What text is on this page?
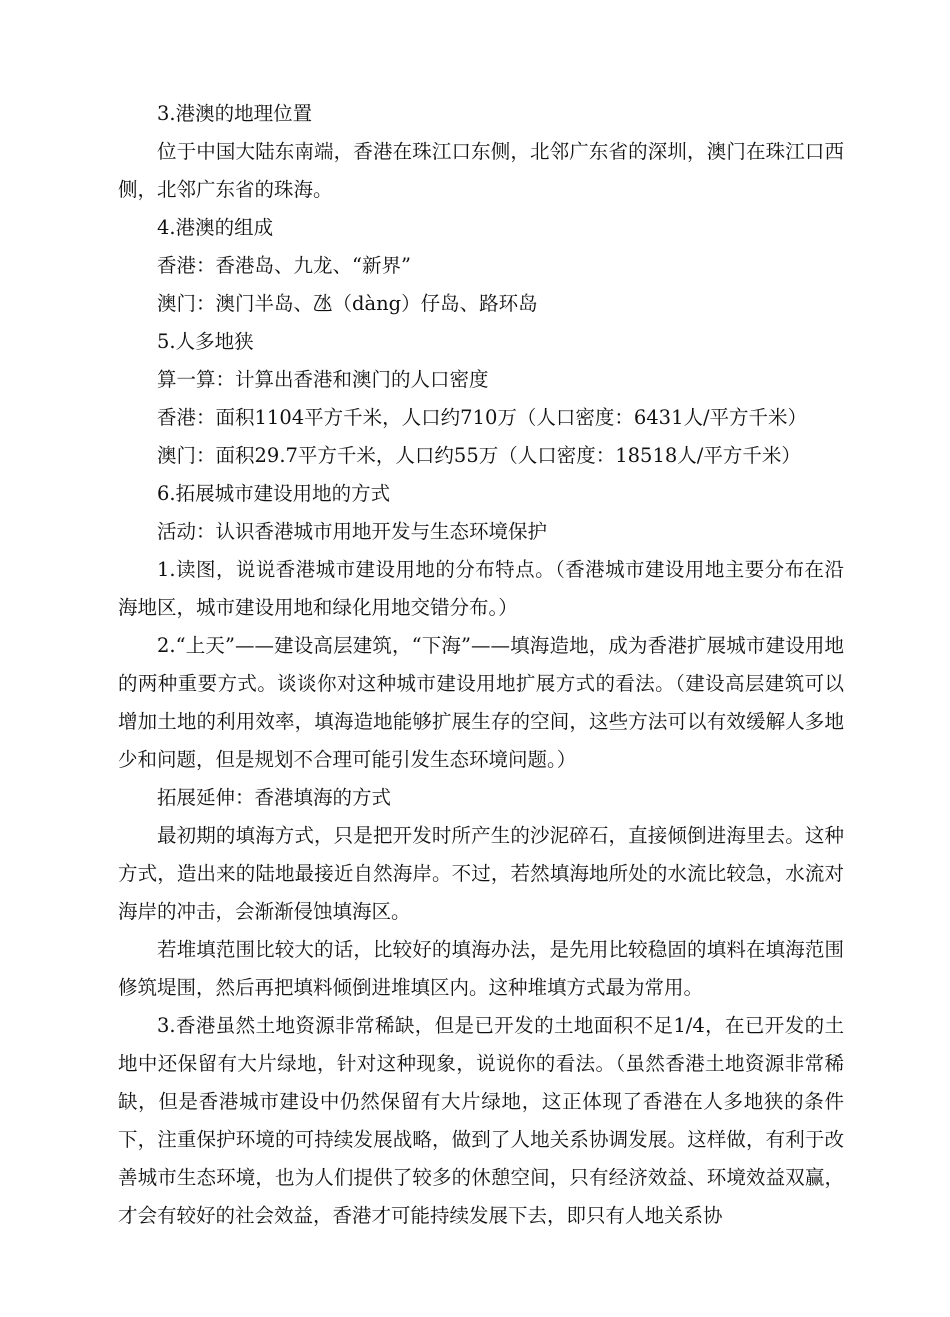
3.港澳的地理位置

位于中国大陆东南端，香港在珠江口东侧，北邻广东省的深圳，澳门在珠江口西侧，北邻广东省的珠海。

4.港澳的组成

香港：香港岛、九龙、“新界”

澳门：澳门半岛、氹（dàng）仔岛、路环岛

5.人多地狭

算一算：计算出香港和澳门的人口密度

香港：面积1104平方千米，人口约710万（人口密度：6431人/平方千米）

澳门：面积29.7平方千米，人口约55万（人口密度：18518人/平方千米）

6.拓展城市建设用地的方式

活动：认识香港城市用地开发与生态环境保护

1.读图，说说香港城市建设用地的分布特点。（香港城市建设用地主要分布在沿海地区，城市建设用地和绿化用地交错分布。）

2.“上天”——建设高层建筑，“下海”——填海造地，成为香港扩展城市建设用地的两种重要方式。谈谈你对这种城市建设用地扩展方式的看法。（建设高层建筑可以增加土地的利用效率，填海造地能够扩展生存的空间，这些方法可以有效缓解人多地少和问题，但是规划不合理可能引发生态环境问题。）

拓展延伸：香港填海的方式

最初期的填海方式，只是把开发时所产生的沙泥碎石，直接倾倒进海里去。这种方式，造出来的陆地最接近自然海岸。不过，若然填海地所处的水流比较急，水流对海岸的冲击，会渐渐侵蚀填海区。

若堆填范围比较大的话，比较好的填海办法，是先用比较稳固的填料在填海范围修筑堤围，然后再把填料倾倒进堆填区内。这种堆填方式最为常用。

3.香港虽然土地资源非常稀缺，但是已开发的土地面积不足1/4，在已开发的土地中还保留有大片绿地，针对这种现象，说说你的看法。（虽然香港土地资源非常稀缺，但是香港城市建设中仍然保留有大片绿地，这正体现了香港在人多地狭的条件下，注重保护环境的可持续发展战略，做到了人地关系协调发展。这样做，有利于改善城市生态环境，也为人们提供了较多的休憩空间，只有经济效益、环境效益双赢，才会有较好的社会效益，香港才可能持续发展下去，即只有人地关系协
